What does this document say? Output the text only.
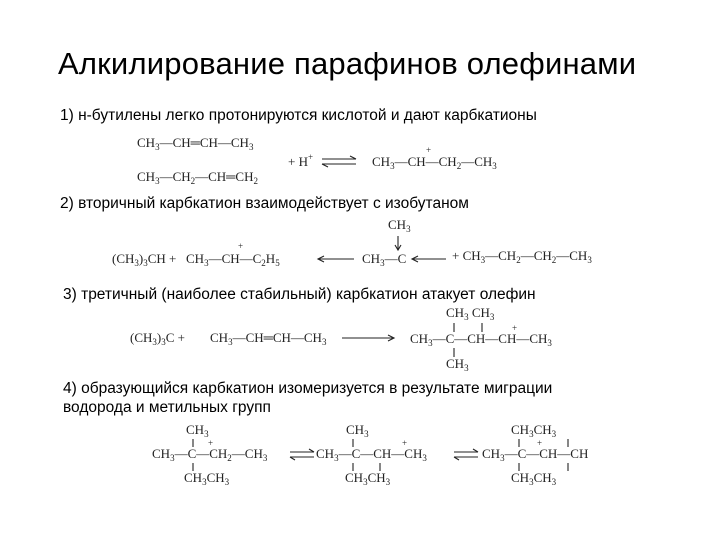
Алкилирование парафинов олефинами
1) н-бутилены легко протонируются кислотой и дают карбкатионы
2) вторичный карбкатион взаимодействует с изобутаном
3) третичный (наиболее стабильный) карбкатион атакует олефин
4) образующийся карбкатион изомеризуется в результате миграции
водорода и метильных групп
$CH_3—CH═CH—CH_3$
$CH_3—CH_2—CH═CH_2$
+ H+	$CH_3—CH—CH_2—CH_3$
+
$(CH_3)_3CH$ + $CH_3—CH—C_2H_5$
+
$CH_3$
$CH_3—C$	+ $CH_3—CH_2—CH_2—CH_3$
$(CH_3)_3C$ + $CH_3—CH═CH—CH_3$
$CH_3$ $CH_3$
$CH_3—C—CH—CH—CH_3$
+
$CH_3$
$CH_3$
$CH_3—C—CH_2—CH_3$
+
$CH_3CH_3$
$CH_3$
$CH_3—C—CH—CH_3$
+
$CH_3CH_3$
$CH_3CH_3$
$CH_3—C—CH—CH$
+
$CH_3CH_3$
